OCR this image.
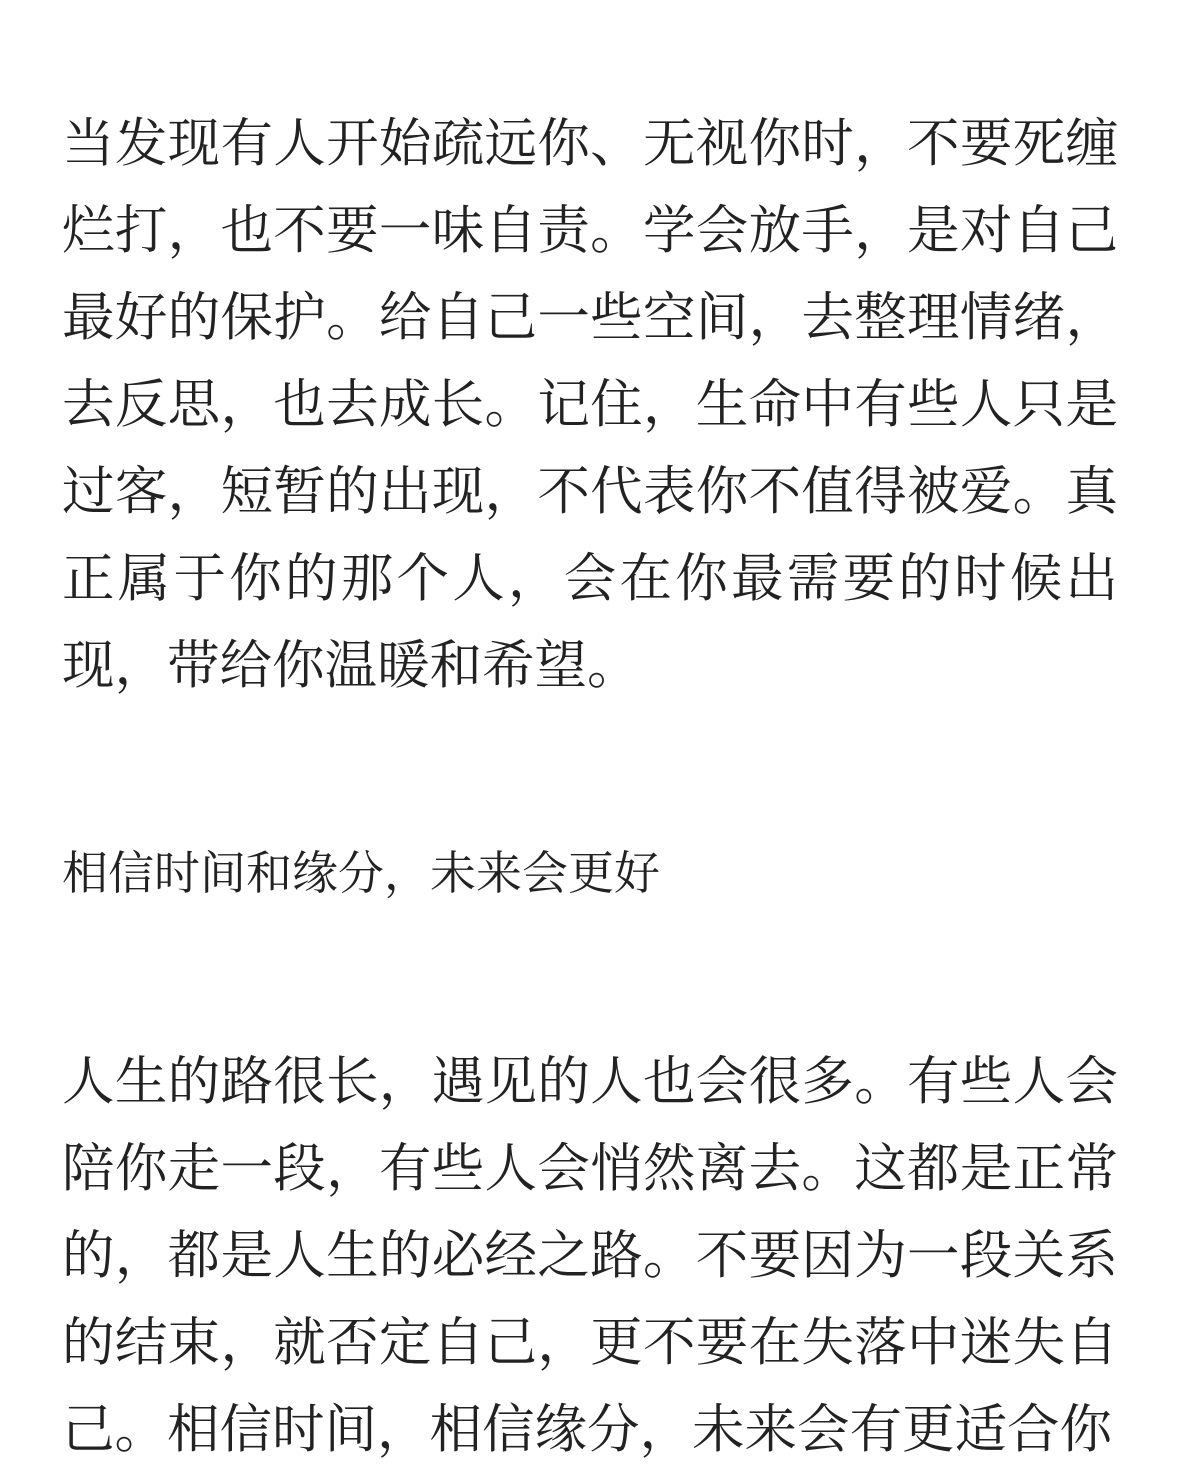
当发现有人开始疏远你、无视你时，不要死缠烂打，也不要一味自责。学会放手，是对自己最好的保护。给自己一些空间，去整理情绪，去反思，也去成长。记住，生命中有些人只是过客，短暂的出现，不代表你不值得被爱。真正属于你的那个人，会在你最需要的时候出现，带给你温暖和希望。

相信时间和缘分，未来会更好

人生的路很长，遇见的人也会很多。有些人会陪你走一段，有些人会悄然离去。这都是正常的，都是人生的必经之路。不要因为一段关系的结束，就否定自己，更不要在失落中迷失自己。相信时间，相信缘分，未来会有更适合你
